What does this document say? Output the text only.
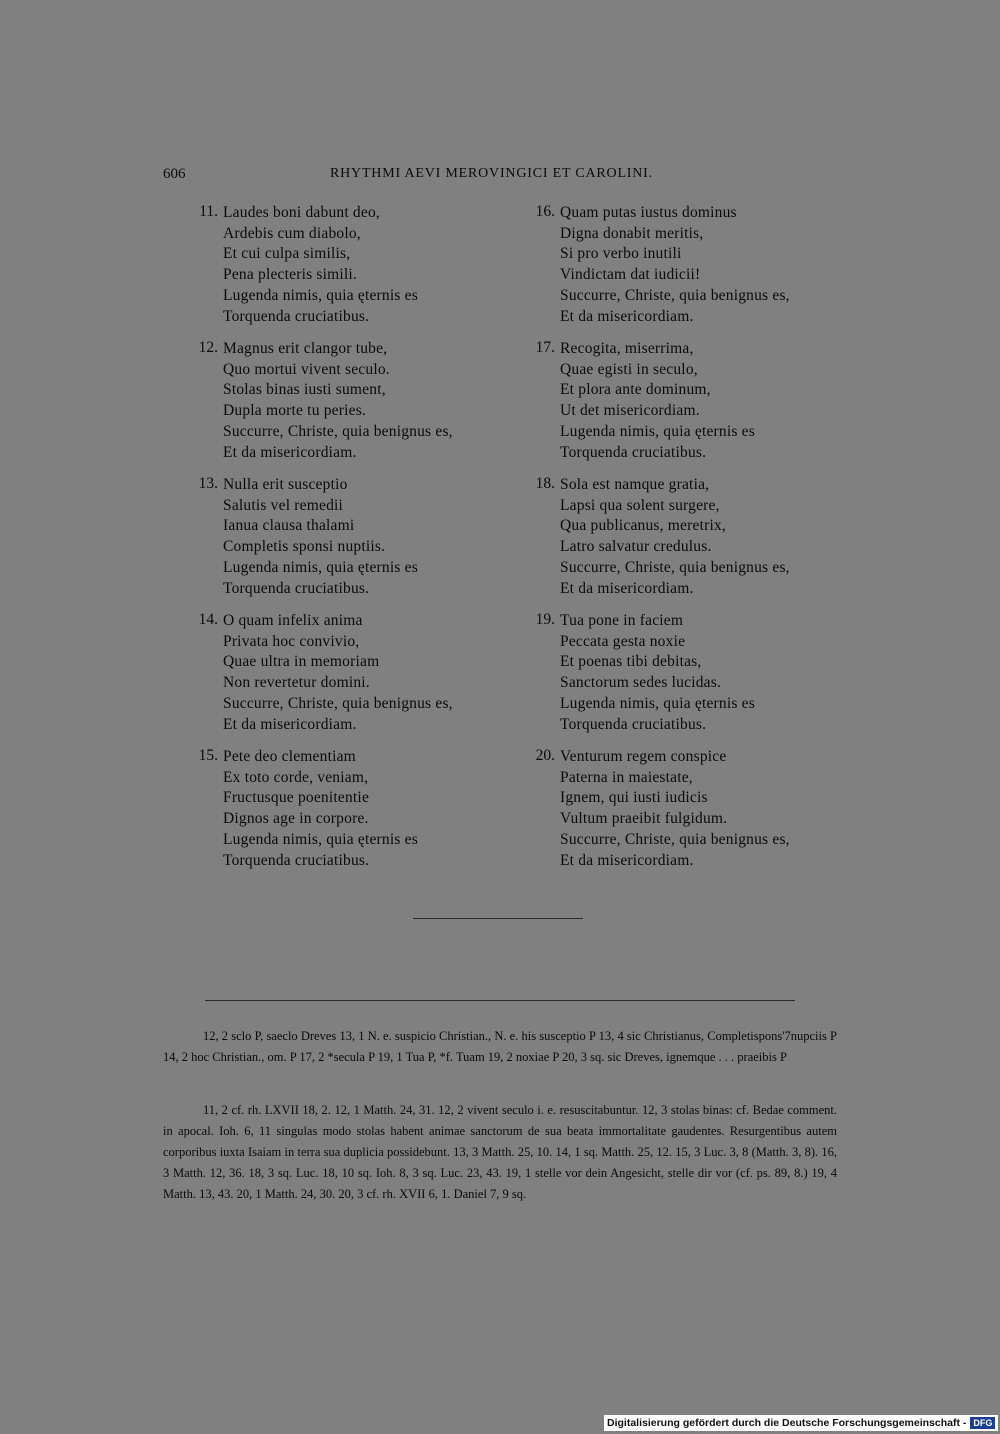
606	RHYTHMI AEVI MEROVINGICI ET CAROLINI.
11. Laudes boni dabunt deo,
Ardebis cum diabolo,
Et cui culpa similis,
Pena plecteris simili.
Lugenda nimis, quia ęternis es
Torquenda cruciatibus.
12. Magnus erit clangor tube,
Quo mortui vivent seculo.
Stolas binas iusti sument,
Dupla morte tu peries.
Succurre, Christe, quia benignus es,
Et da misericordiam.
13. Nulla erit susceptio
Salutis vel remedii
Ianua clausa thalami
Completis sponsi nuptiis.
Lugenda nimis, quia ęternis es
Torquenda cruciatibus.
14. O quam infelix anima
Privata hoc convivio,
Quae ultra in memoriam
Non revertetur domini.
Succurre, Christe, quia benignus es,
Et da misericordiam.
15. Pete deo clementiam
Ex toto corde, veniam,
Fructusque poenitentie
Dignos age in corpore.
Lugenda nimis, quia ęternis es
Torquenda cruciatibus.
16. Quam putas iustus dominus
Digna donabit meritis,
Si pro verbo inutili
Vindictam dat iudicii!
Succurre, Christe, quia benignus es,
Et da misericordiam.
17. Recogita, miserrima,
Quae egisti in seculo,
Et plora ante dominum,
Ut det misericordiam.
Lugenda nimis, quia ęternis es
Torquenda cruciatibus.
18. Sola est namque gratia,
Lapsi qua solent surgere,
Qua publicanus, meretrix,
Latro salvatur credulus.
Succurre, Christe, quia benignus es,
Et da misericordiam.
19. Tua pone in faciem
Peccata gesta noxie
Et poenas tibi debitas,
Sanctorum sedes lucidas.
Lugenda nimis, quia ęternis es
Torquenda cruciatibus.
20. Venturum regem conspice
Paterna in maiestate,
Ignem, qui iusti iudicis
Vultum praeibit fulgidum.
Succurre, Christe, quia benignus es,
Et da misericordiam.

12, 2 sclo P, saeclo Dreves 13, 1 N. e. suspicio Christian., N. e. his susceptio P 13, 4 sic Christianus, Completispons'7nupciis P 14, 2 hoc Christian., om. P 17, 2 *secula P 19, 1 Tua P, *f. Tuam 19, 2 noxiae P 20, 3 sq. sic Dreves, ignemque . . . praeibis P

11, 2 cf. rh. LXVII 18, 2. 12, 1 Matth. 24, 31. 12, 2 vivent seculo i. e. resuscitabuntur. 12, 3 stolas binas: cf. Bedae comment. in apocal. Ioh. 6, 11 singulas modo stolas habent animae sanctorum de sua beata immortalitate gaudentes. Resurgentibus autem corporibus iuxta Isaiam in terra sua duplicia possidebunt. 13, 3 Matth. 25, 10. 14, 1 sq. Matth. 25, 12. 15, 3 Luc. 3, 8 (Matth. 3, 8). 16, 3 Matth. 12, 36. 18, 3 sq. Luc. 18, 10 sq. Ioh. 8, 3 sq. Luc. 23, 43. 19, 1 stelle vor dein Angesicht, stelle dir vor (cf. ps. 89, 8.) 19, 4 Matth. 13, 43. 20, 1 Matth. 24, 30. 20, 3 cf. rh. XVII 6, 1. Daniel 7, 9 sq.

Digitalisierung gefördert durch die Deutsche Forschungsgemeinschaft - DFG
